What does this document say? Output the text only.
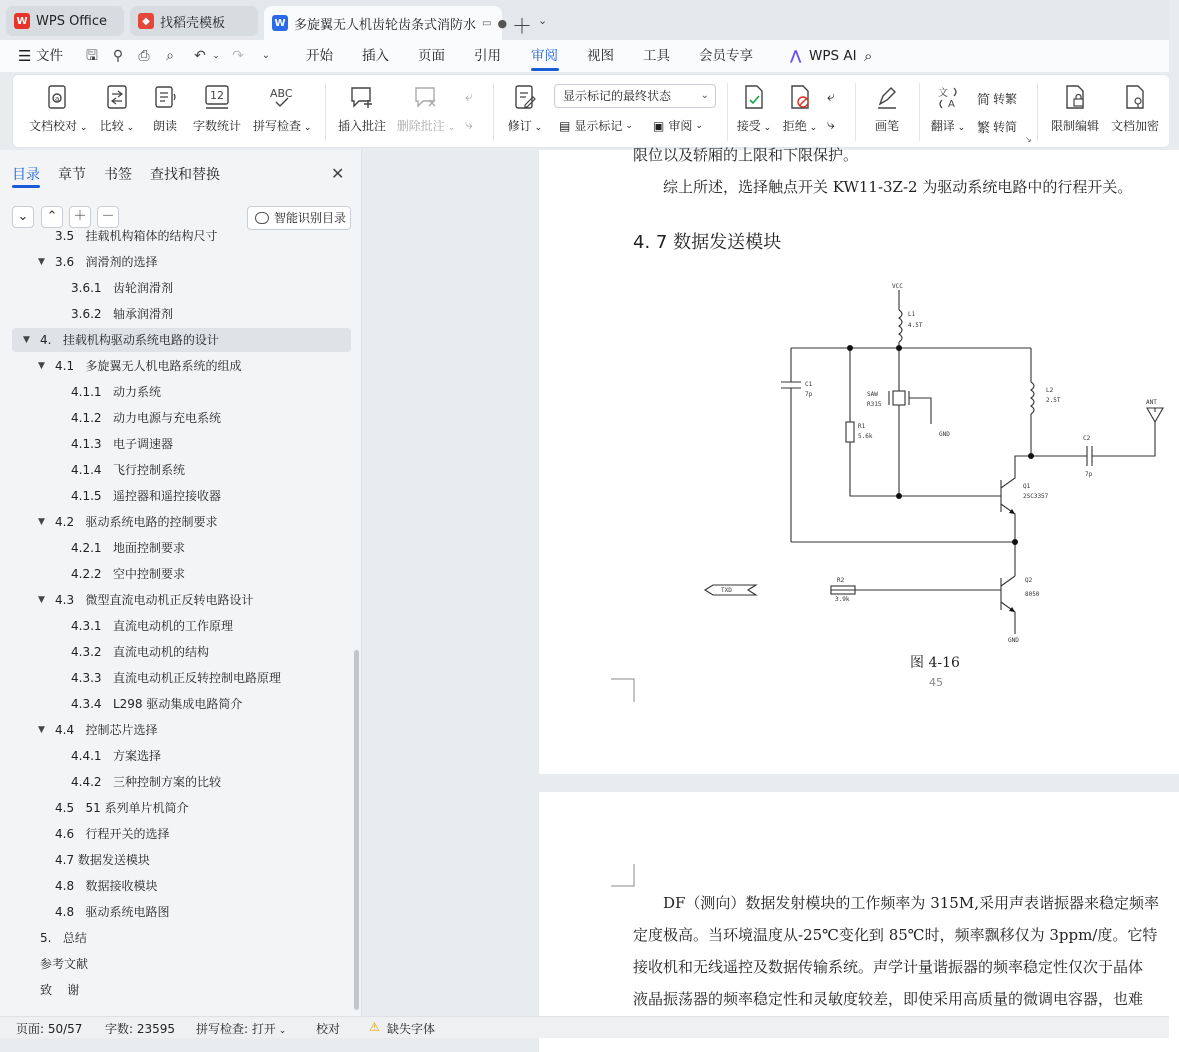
W WPS Office	◆ 找稻壳模板	W 多旋翼无人机齿轮齿条式消防水 ▭ ● ＋ ⌄
☰ 文件 🖫	⚲	⎙	⌕	↶ ⌄ ↷	⌄	开始 插入 页面 引用 审阅 视图 工具 会员专享	⋀ WPS AI ⌕
a
文档校对 ⌄ 比较 ⌄ 朗读
12
字数统计
ABC
拼写检查 ⌄ 插入批注 删除批注 ⌄
⤶
⤷	修订 ⌄
显示标记的最终状态	⌄
▤ 显示标记 ⌄ ▣ 审阅 ⌄	接受 ⌄ 拒绝 ⌄
⤶
⤷	画笔
文
A
翻译 ⌄
简 转繁
繁 转简	限制编辑 文档加密
↘
目录 章节 书签 查找和替换	✕
⌄	⌃	＋	－	智能识别目录
3.5   挂载机构箱体的结构尺寸
▼ 3.6   润滑剂的选择
3.6.1   齿轮润滑剂
3.6.2   轴承润滑剂
▼ 4.   挂载机构驱动系统电路的设计
▼ 4.1   多旋翼无人机电路系统的组成
4.1.1   动力系统
4.1.2   动力电源与充电系统
4.1.3   电子调速器
4.1.4   飞行控制系统
4.1.5   遥控器和遥控接收器
▼ 4.2   驱动系统电路的控制要求
4.2.1   地面控制要求
4.2.2   空中控制要求
▼ 4.3   微型直流电动机正反转电路设计
4.3.1   直流电动机的工作原理
4.3.2   直流电动机的结构
4.3.3   直流电动机正反转控制电路原理
4.3.4   L298 驱动集成电路简介
▼ 4.4   控制芯片选择
4.4.1   方案选择
4.4.2   三种控制方案的比较
4.5   51 系列单片机简介
4.6   行程开关的选择
4.7 数据发送模块
4.8   数据接收模块
4.8   驱动系统电路图
5.   总结
参考文献
致    谢
限位以及轿厢的上限和下限保护。
综上所述，选择触点开关 KW11-3Z-2 为驱动系统电路中的行程开关。
4. 7 数据发送模块
VCC
L1
4.5T
C1
7p	SAW
R315
R1
5.6k	GND
L2
2.5T	ANT
C2
7p
Q1
2SC3357
Q2
8050
R2
3.9k
TXD
GND
图 4-16
45
DF（测向）数据发射模块的工作频率为 315M,采用声表谐振器来稳定频率
定度极高。当环境温度从-25℃变化到 85℃时，频率飘移仅为 3ppm/度。它特
接收机和无线遥控及数据传输系统。声学计量谐振器的频率稳定性仅次于晶体
液晶振荡器的频率稳定性和灵敏度较差，即使采用高质量的微调电容器，也难
页面: 50/57 字数: 23595 拼写检查: 打开 ⌄ 校对 ⚠ 缺失字体
